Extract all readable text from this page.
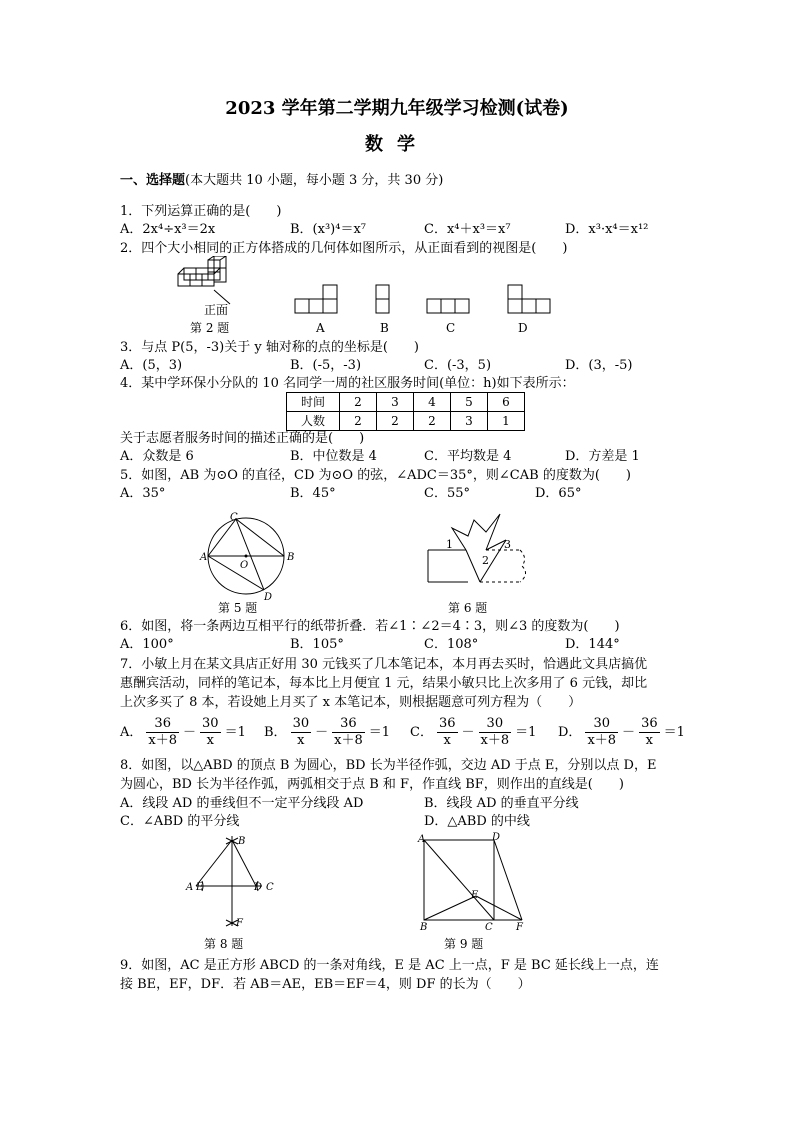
2023 学年第二学期九年级学习检测(试卷)
数学
一、选择题(本大题共 10 小题，每小题 3 分，共 30 分)
1．下列运算正确的是(　　)
A．2x⁴÷x³＝2x	B．(x³)⁴＝x⁷	C．x⁴＋x³＝x⁷	D．x³·x⁴＝x¹²
2．四个大小相同的正方体搭成的几何体如图所示，从正面看到的视图是(　　)
正面
第 2 题	A	B	C	D
3．与点 P(5，-3)关于 y 轴对称的点的坐标是(　　)
A．(5，3)	B．(-5，-3)	C．(-3，5)	D．(3，-5)
4．某中学环保小分队的 10 名同学一周的社区服务时间(单位：h)如下表所示：
时间	2	3	4	5	6
人数	2	2	2	3	1
关于志愿者服务时间的描述正确的是(　　)
A．众数是 6	B．中位数是 4	C．平均数是 4	D．方差是 1
5．如图，AB 为⊙O 的直径，CD 为⊙O 的弦，∠ADC＝35°，则∠CAB 的度数为(　　)
A．35°	B．45°	C．55°	D．65°
C
A
O
B
D
第 5 题
1
2
3
第 6 题
6．如图，将一条两边互相平行的纸带折叠．若∠1∶∠2＝4∶3，则∠3 的度数为(　　)
A．100°	B．105°	C．108°	D．144°
7．小敏上月在某文具店正好用 30 元钱买了几本笔记本，本月再去买时，恰遇此文具店搞优
惠酬宾活动，同样的笔记本，每本比上月便宜 1 元，结果小敏只比上次多用了 6 元钱，却比
上次多买了 8 本，若设她上月买了 x 本笔记本，则根据题意可列方程为（　　）
A． $\frac{36}{x+8} - \frac{30}{x} =1$ B． $\frac{30}{x} - \frac{36}{x+8} =1$ C． $\frac{36}{x} - \frac{30}{x+8} =1$ D． $\frac{30}{x+8} - \frac{36}{x} =1$
8．如图，以△ABD 的顶点 B 为圆心，BD 长为半径作弧，交边 AD 于点 E，分别以点 D，E
为圆心，BD 长为半径作弧，两弧相交于点 B 和 F，作直线 BF，则作出的直线是(　　)
A．线段 AD 的垂线但不一定平分线段 AD	B．线段 AD 的垂直平分线
C．∠ABD 的平分线	D．△ABD 的中线
B
A E	D C
F
第 8 题
A	D
E
B	C F
第 9 题
9．如图，AC 是正方形 ABCD 的一条对角线，E 是 AC 上一点，F 是 BC 延长线上一点，连
接 BE，EF，DF．若 AB＝AE，EB＝EF＝4，则 DF 的长为（　　）
